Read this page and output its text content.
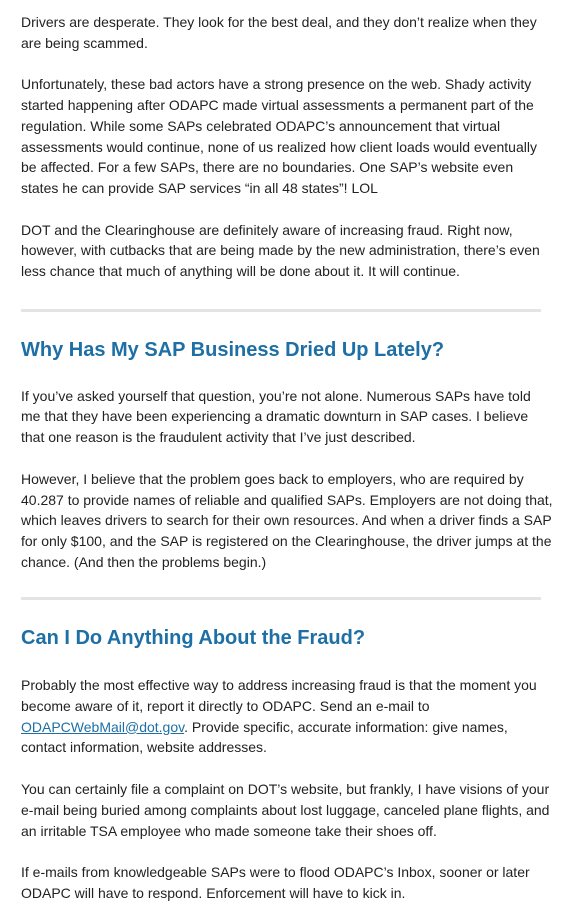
Drivers are desperate. They look for the best deal, and they don’t realize when they are being scammed.

Unfortunately, these bad actors have a strong presence on the web. Shady activity started happening after ODAPC made virtual assessments a permanent part of the regulation. While some SAPs celebrated ODAPC’s announcement that virtual assessments would continue, none of us realized how client loads would eventually be affected. For a few SAPs, there are no boundaries. One SAP’s website even states he can provide SAP services “in all 48 states”! LOL

DOT and the Clearinghouse are definitely aware of increasing fraud. Right now, however, with cutbacks that are being made by the new administration, there’s even less chance that much of anything will be done about it. It will continue.

Why Has My SAP Business Dried Up Lately?

If you’ve asked yourself that question, you’re not alone. Numerous SAPs have told me that they have been experiencing a dramatic downturn in SAP cases. I believe that one reason is the fraudulent activity that I’ve just described.

However, I believe that the problem goes back to employers, who are required by 40.287 to provide names of reliable and qualified SAPs. Employers are not doing that, which leaves drivers to search for their own resources. And when a driver finds a SAP for only $100, and the SAP is registered on the Clearinghouse, the driver jumps at the chance. (And then the problems begin.)

Can I Do Anything About the Fraud?

Probably the most effective way to address increasing fraud is that the moment you become aware of it, report it directly to ODAPC. Send an e-mail to ODAPCWebMail@dot.gov. Provide specific, accurate information: give names, contact information, website addresses.

You can certainly file a complaint on DOT’s website, but frankly, I have visions of your e-mail being buried among complaints about lost luggage, canceled plane flights, and an irritable TSA employee who made someone take their shoes off.

If e-mails from knowledgeable SAPs were to flood ODAPC’s Inbox, sooner or later ODAPC will have to respond. Enforcement will have to kick in.
